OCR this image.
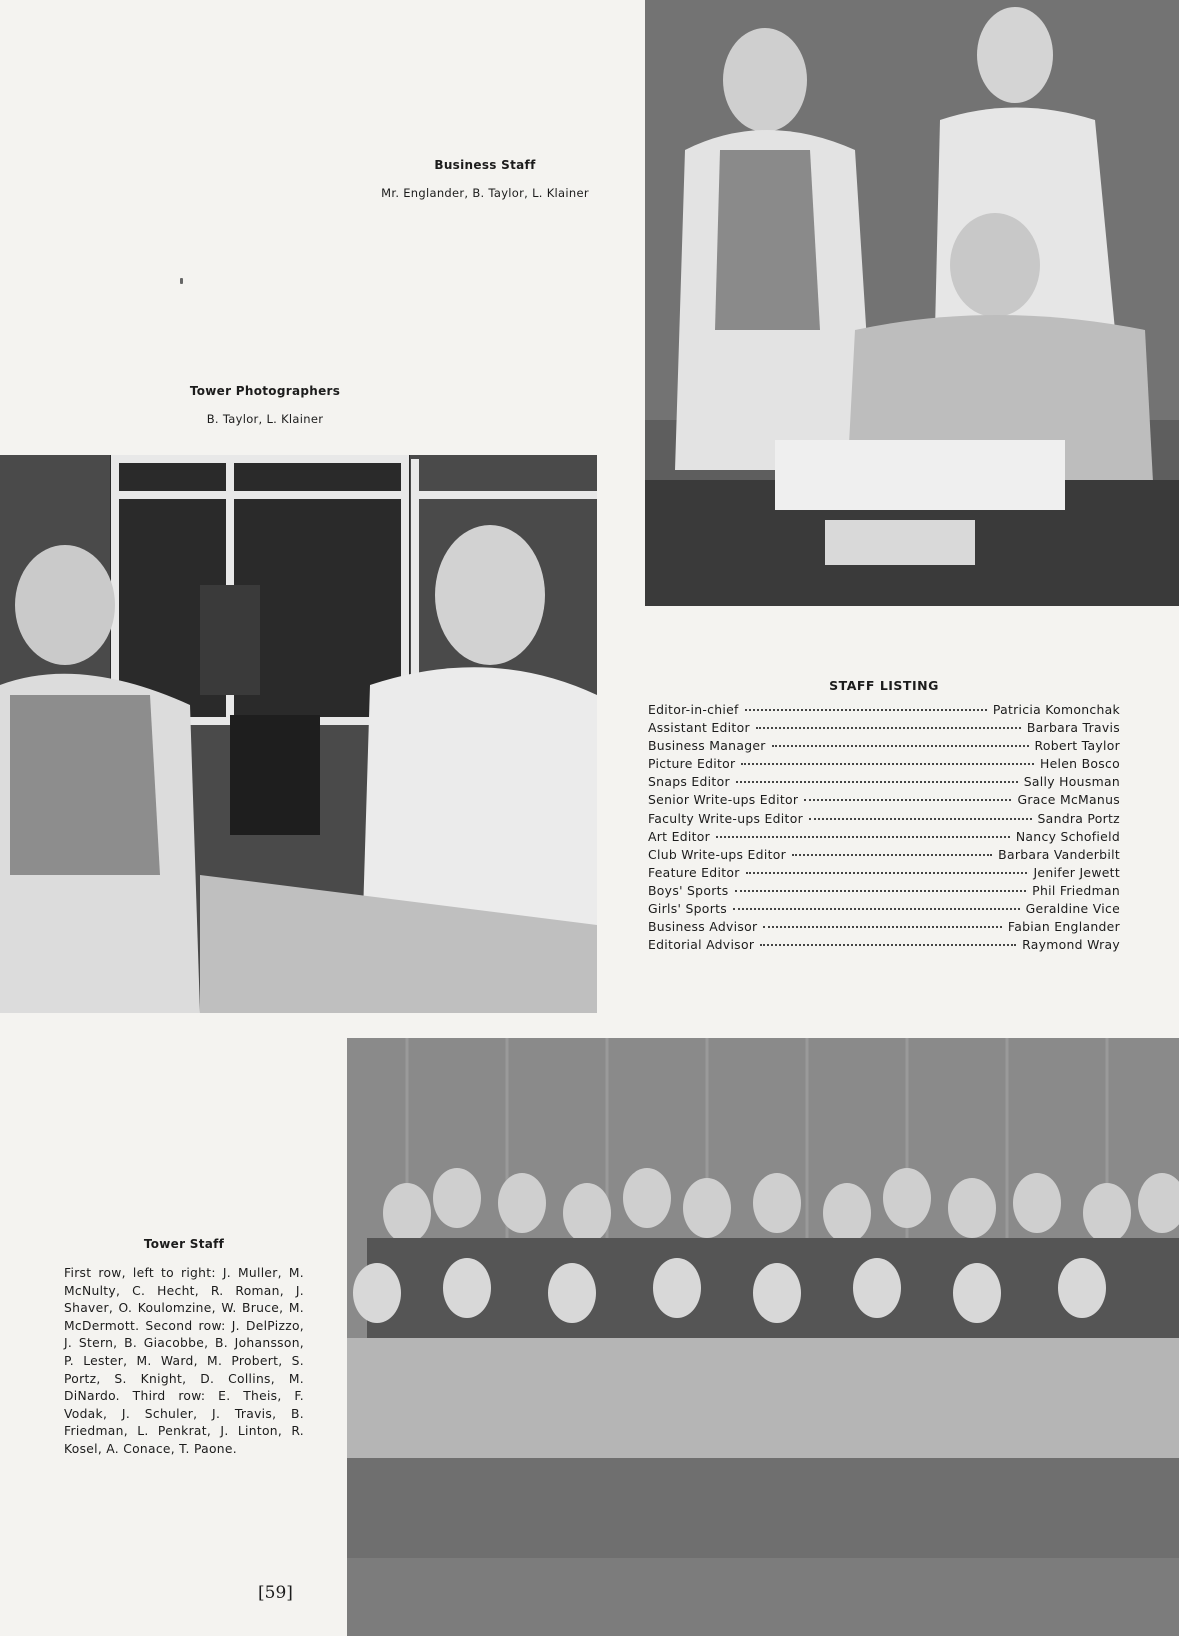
Business Staff
Mr. Englander, B. Taylor, L. Klainer
Tower Photographers
B. Taylor, L. Klainer
STAFF LISTING
Editor-in-chief	Patricia Komonchak
Assistant Editor	Barbara Travis
Business Manager	Robert Taylor
Picture Editor	Helen Bosco
Snaps Editor	Sally Housman
Senior Write-ups Editor	Grace McManus
Faculty Write-ups Editor	Sandra Portz
Art Editor	Nancy Schofield
Club Write-ups Editor	Barbara Vanderbilt
Feature Editor	Jenifer Jewett
Boys' Sports	Phil Friedman
Girls' Sports	Geraldine Vice
Business Advisor	Fabian Englander
Editorial Advisor	Raymond Wray
Tower Staff
First row, left to right: J. Muller, M. McNulty, C. Hecht, R. Roman, J. Shaver, O. Koulomzine, W. Bruce, M. McDermott. Second row: J. DelPizzo, J. Stern, B. Giacobbe, B. Johansson, P. Lester, M. Ward, M. Probert, S. Portz, S. Knight, D. Collins, M. DiNardo. Third row: E. Theis, F. Vodak, J. Schuler, J. Travis, B. Friedman, L. Penkrat, J. Linton, R. Kosel, A. Conace, T. Paone.
[59]
